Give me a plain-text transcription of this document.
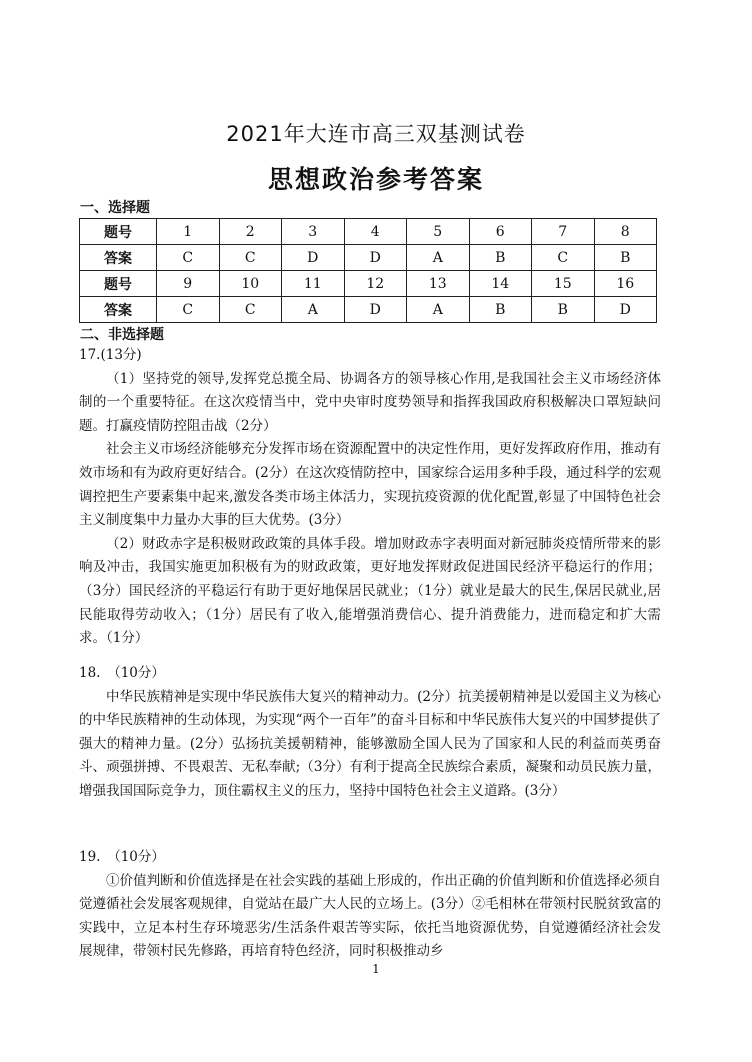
2021年大连市高三双基测试卷
思想政治参考答案
一、选择题
题号	1	2	3	4	5	6	7	8
答案	C	C	D	D	A	B	C	B
题号	9	10	11	12	13	14	15	16
答案	C	C	A	D	A	B	B	D
二、非选择题

17.(13分)

（1）坚持党的领导,发挥党总揽全局、协调各方的领导核心作用,是我国社会主义市场经济体制的一个重要特征。在这次疫情当中，党中央审时度势领导和指挥我国政府积极解决口罩短缺问题。打赢疫情防控阻击战（2分）

社会主义市场经济能够充分发挥市场在资源配置中的决定性作用，更好发挥政府作用，推动有效市场和有为政府更好结合。(2分）在这次疫情防控中，国家综合运用多种手段，通过科学的宏观调控把生产要素集中起来,激发各类市场主体活力，实现抗疫资源的优化配置,彰显了中国特色社会主义制度集中力量办大事的巨大优势。(3分）

（2）财政赤字是积极财政政策的具体手段。增加财政赤字表明面对新冠肺炎疫情所带来的影响及冲击，我国实施更加积极有为的财政政策，更好地发挥财政促进国民经济平稳运行的作用；（3分）国民经济的平稳运行有助于更好地保居民就业；（1分）就业是最大的民生,保居民就业,居民能取得劳动收入；（1分）居民有了收入,能增强消费信心、提升消费能力，进而稳定和扩大需求。（1分）

18.　（10分）

中华民族精神是实现中华民族伟大复兴的精神动力。(2分）抗美援朝精神是以爱国主义为核心的中华民族精神的生动体现，为实现“两个一百年”的奋斗目标和中华民族伟大复兴的中国梦提供了强大的精神力量。(2分）弘扬抗美援朝精神，能够激励全国人民为了国家和人民的利益而英勇奋斗、顽强拼搏、不畏艰苦、无私奉献;（3分）有利于提高全民族综合素质，凝聚和动员民族力量，增强我国国际竞争力，顶住霸权主义的压力，坚持中国特色社会主义道路。(3分）

19.　（10分）

①价值判断和价值选择是在社会实践的基础上形成的，作出正确的价值判断和价值选择必须自觉遵循社会发展客观规律，自觉站在最广大人民的立场上。(3分）②毛相林在带领村民脱贫致富的实践中，立足本村生存环境恶劣/生活条件艰苦等实际，依托当地资源优势，自觉遵循经济社会发展规律，带领村民先修路，再培育特色经济，同时积极推动乡

1
